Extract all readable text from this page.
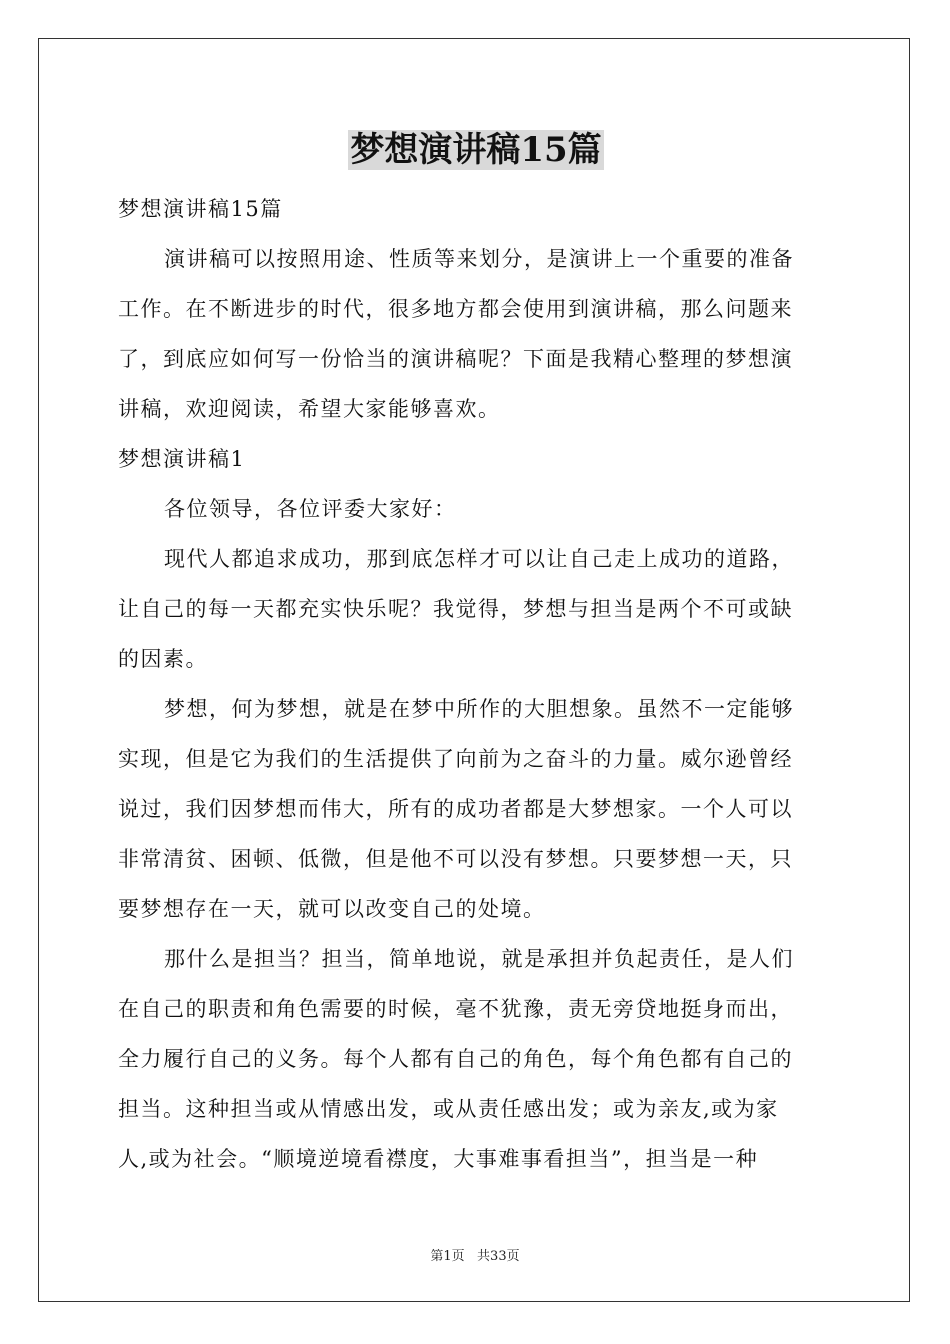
梦想演讲稿15篇

梦想演讲稿15篇

演讲稿可以按照用途、性质等来划分，是演讲上一个重要的准备

工作。在不断进步的时代，很多地方都会使用到演讲稿，那么问题来

了，到底应如何写一份恰当的演讲稿呢？下面是我精心整理的梦想演

讲稿，欢迎阅读，希望大家能够喜欢。

梦想演讲稿1

各位领导，各位评委大家好：

现代人都追求成功，那到底怎样才可以让自己走上成功的道路，

让自己的每一天都充实快乐呢？我觉得，梦想与担当是两个不可或缺

的因素。

梦想，何为梦想，就是在梦中所作的大胆想象。虽然不一定能够

实现，但是它为我们的生活提供了向前为之奋斗的力量。威尔逊曾经

说过，我们因梦想而伟大，所有的成功者都是大梦想家。一个人可以

非常清贫、困顿、低微，但是他不可以没有梦想。只要梦想一天，只

要梦想存在一天，就可以改变自己的处境。

那什么是担当？担当，简单地说，就是承担并负起责任，是人们

在自己的职责和角色需要的时候，毫不犹豫，责无旁贷地挺身而出，

全力履行自己的义务。每个人都有自己的角色，每个角色都有自己的

担当。这种担当或从情感出发，或从责任感出发；或为亲友,或为家

人,或为社会。“顺境逆境看襟度，大事难事看担当”，担当是一种

第1页   共33页
